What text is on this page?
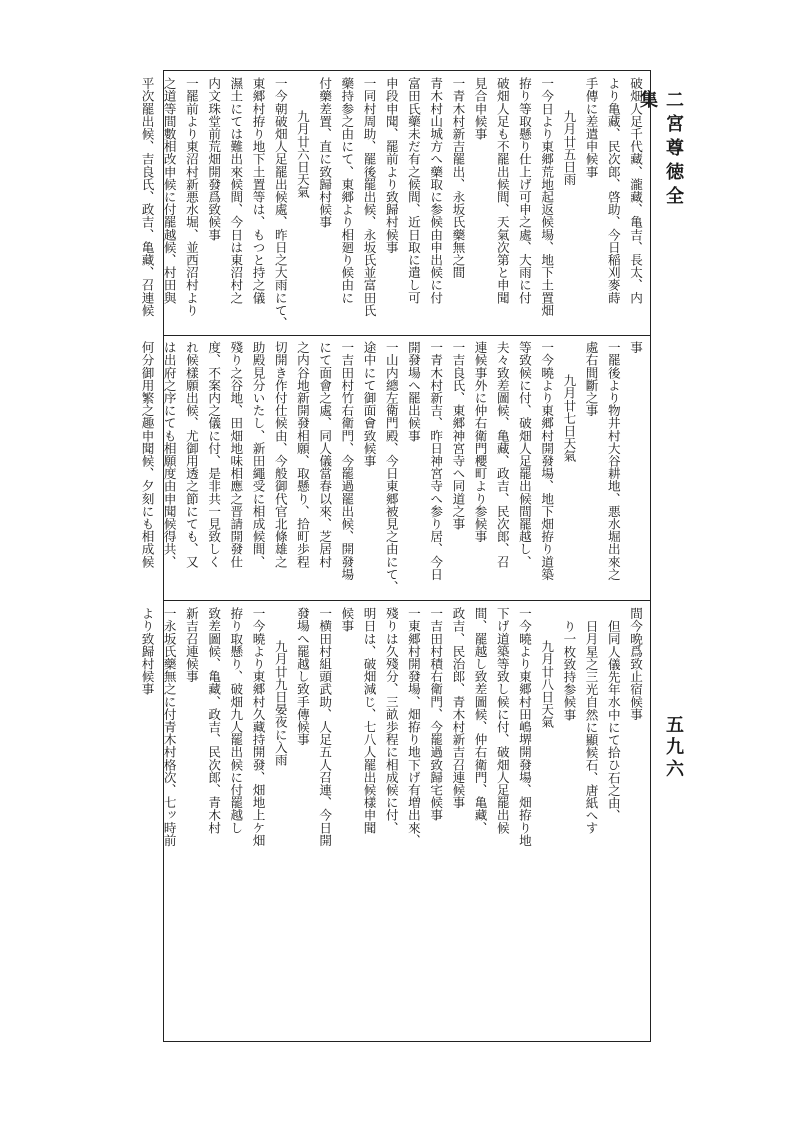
二宮尊徳全集
五九六
破畑人足千代藏、瀧藏、亀吉、長太、内
より亀藏、民次郎、啓助、今日稲刈麥蒔
手傳に差遣申候事
九月廿五日雨
一今日より東郷荒地起返候場、地下土置畑
拵り等取懸り仕上げ可申之處、大雨に付
破畑人足も不罷出候間、天氣次第と申聞
見合申候事
一青木村新吉罷出、永坂氏藥無之間
青木村山城方へ藥取に参候由申出候に付
富田氏藥未だ有之候間、近日取に遣し可
申段申聞、罷前より致歸村候事
一同村周助、罷後罷出候、永坂氏並富田氏
藥持参之由にて、東郷より相廻り候由に
付藥差置、直に致歸村候事
九月廿六日天氣
一今朝破畑人足罷出候處、昨日之大雨にて、
東郷村拵り地下土置等は、もつと持之儀
濕土にては難出來候間、今日は東沼村之
内文珠堂前荒畑開發爲致候事
一罷前より東沼村新悪水堀、並西沼村より
之道等間數相改申候に付罷越候、村田與
平次罷出候、吉良氏、政吉、亀藏、召連候
事
一罷後より物井村大谷耕地、悪水堀出來之
處右間斷之事
九月廿七日天氣
一今曉より東郷村開發場、地下畑拵り道築
等致候に付、破畑人足罷出候間罷越し、
夫々致差圖候、亀藏、政吉、民次郎、召
連候事外に仲右衛門櫻町より参候事
一吉良氏、東郷神宮寺へ同道之事
一青木村新吉、昨日神宮寺へ参り居、今日
開發場へ罷出候事
一山内總左衛門殿、今日東郷被見之由にて、
途中にて御面會致候事
一吉田村竹右衛門、今罷過罷出候、開發場
にて面會之處、同人儀當春以來、芝居村
之内谷地新開發相願、取懸り、拾町歩程
切開き作付仕候由、今般御代官北條雄之
助殿見分いたし、新田繩受に相成候間、
殘り之谷地、田畑地味相應之晋請開發仕
度、不案内之儀に付、是非共一見致しく
れ候樣願出候、尤御用透之節にても、又
は出府之序にても相願度由申聞候得共、
何分御用繁之趣申聞候、夕刻にも相成候
間今晩爲致止宿候事
但同人儀先年水中にて拾ひ石之由、
日月星之三光自然に顯候石、唐紙へす
り一枚致持参候事
九月廿八日天氣
一今曉より東郷村田嶋堺開發場、畑拵り地
下げ道築等致し候に付、破畑人足罷出候
間、罷越し致差圖候、仲右衛門、亀藏、
政吉、民治郎、青木村新吉召連候事
一吉田村積右衛門、今罷過致歸宅候事
一東郷村開發場、畑拵り地下げ有増出來、
殘りは久殘分、三畝歩程に相成候に付、
明日は、破畑減じ、七八人罷出候樣申聞
候事
一横田村組頭武助、人足五人召連、今日開
發場へ罷越し致手傳候事
九月廿九日晏夜に入雨
一今曉より東郷村久藏持開發、畑地上ケ畑
拵り取懸り、破畑九人罷出候に付罷越し
致差圖候、亀藏、政吉、民次郎、青木村
新吉召連候事
一永坂氏藥無之に付青木村格次、七ッ時前
より致歸村候事
